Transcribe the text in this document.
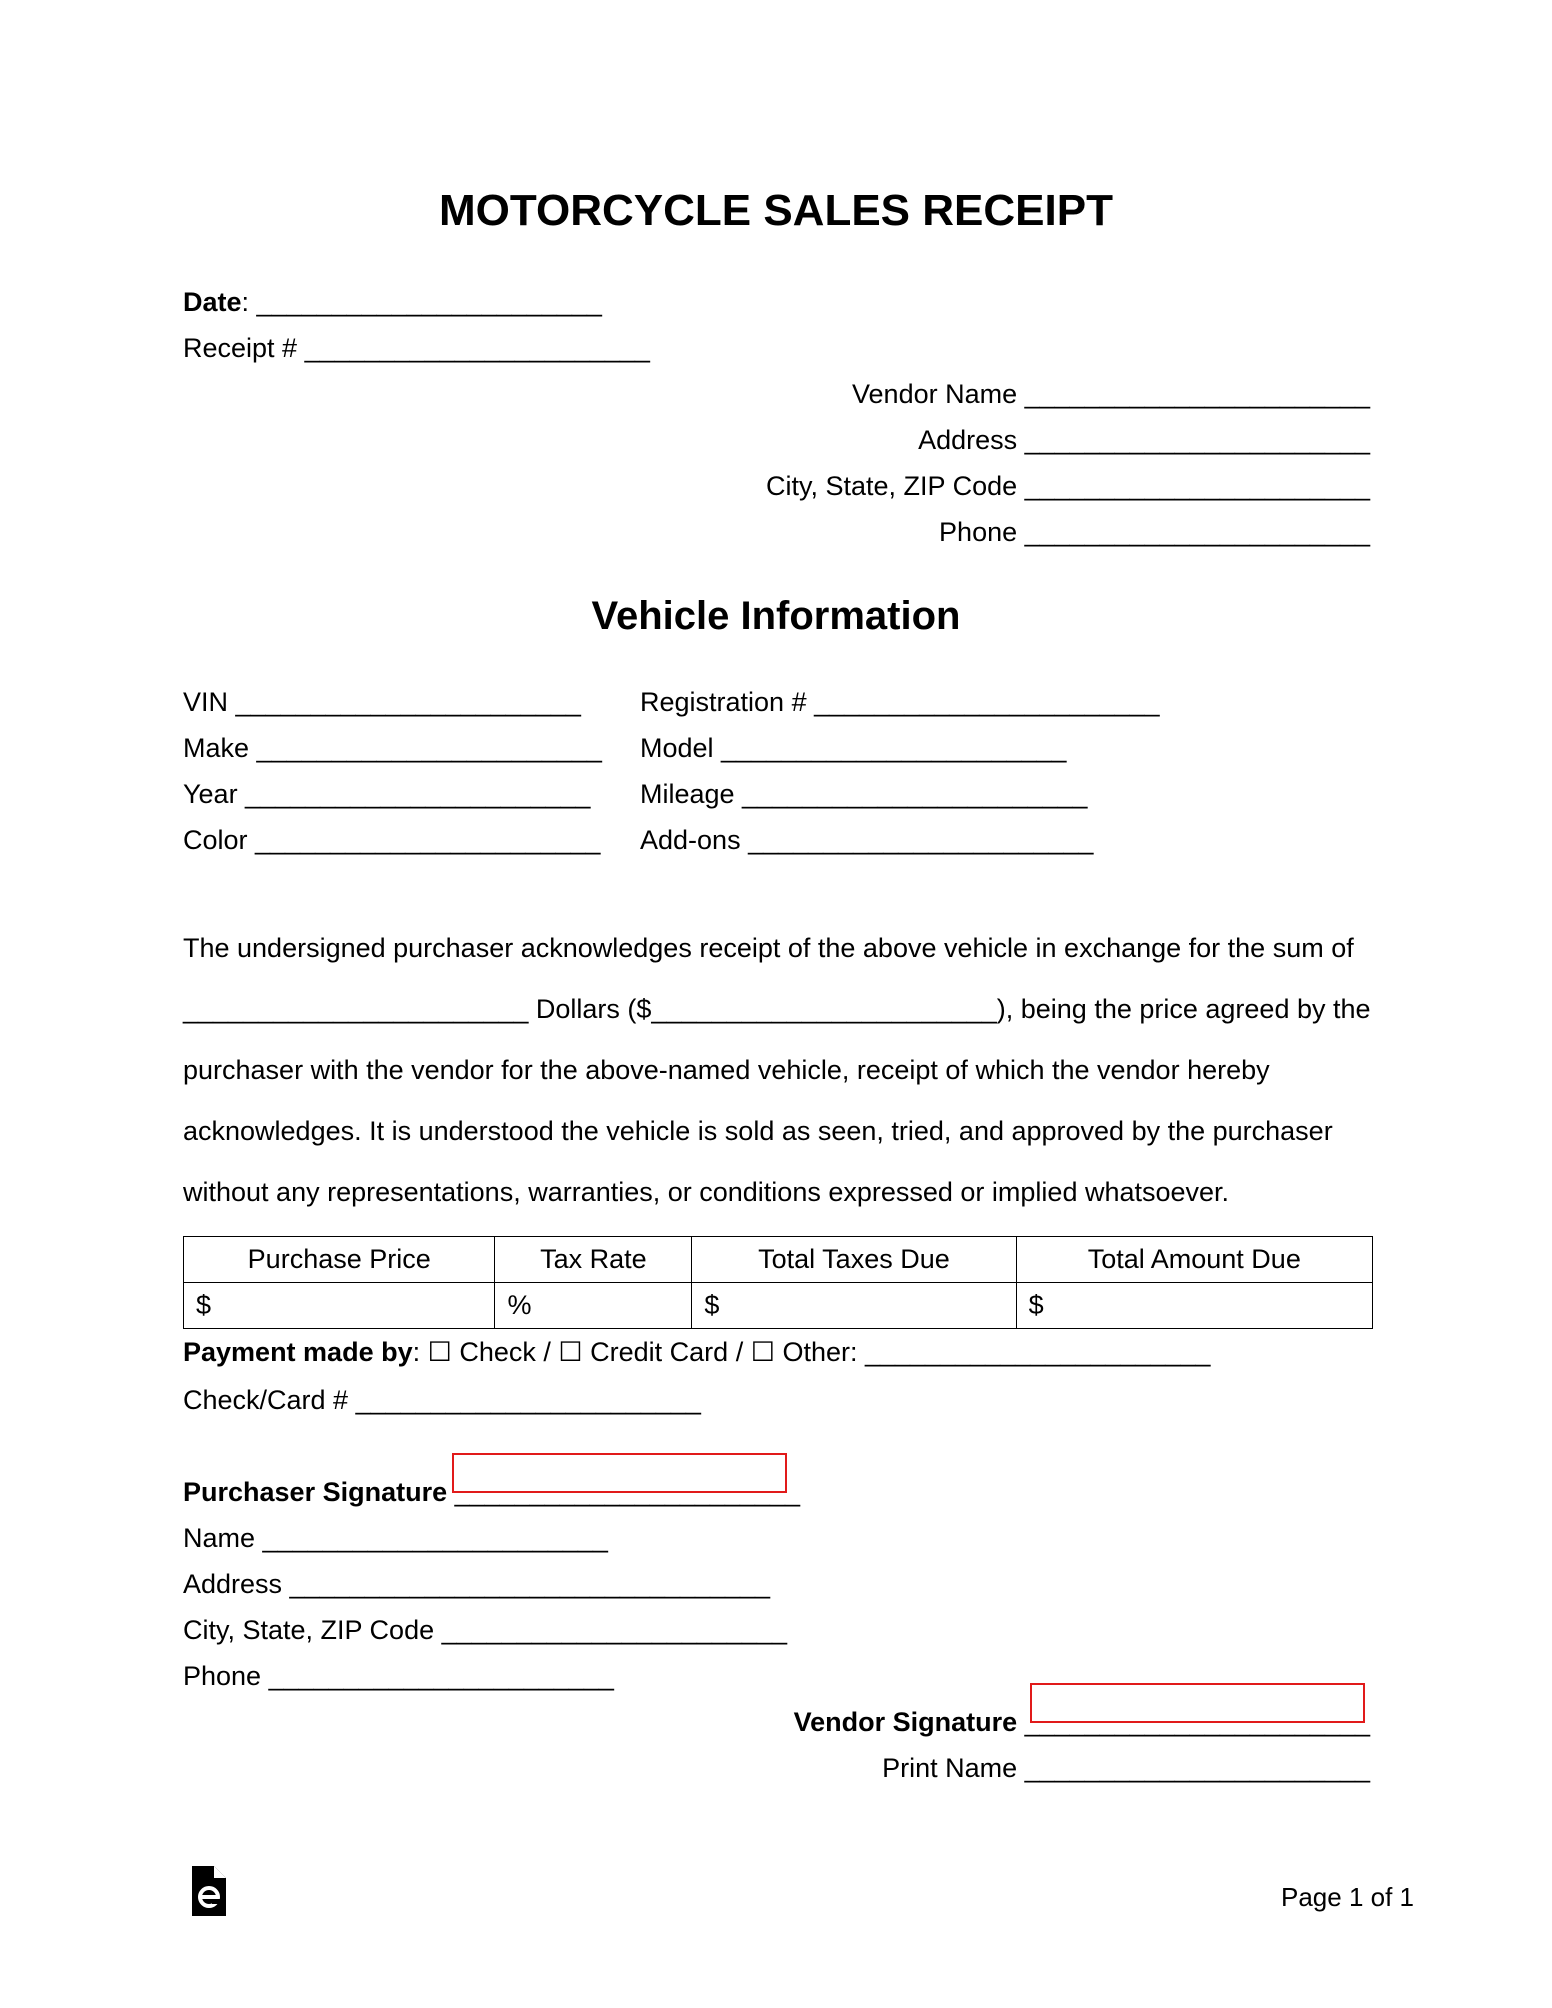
MOTORCYCLE SALES RECEIPT
Date: _______________________
Receipt # _______________________
Vendor Name _______________________
Address _______________________
City, State, ZIP Code _______________________
Phone _______________________
Vehicle Information
VIN _______________________
Make _______________________
Year _______________________
Color _______________________
Registration # _______________________
Model _______________________
Mileage _______________________
Add-ons _______________________

The undersigned purchaser acknowledges receipt of the above vehicle in exchange for the sum of

_______________________ Dollars ($_______________________), being the price agreed by the

purchaser with the vendor for the above-named vehicle, receipt of which the vendor hereby

acknowledges. It is understood the vehicle is sold as seen, tried, and approved by the purchaser

without any representations, warranties, or conditions expressed or implied whatsoever.

Purchase Price	Tax Rate	Total Taxes Due	Total Amount Due
$	%	$	$
Payment made by: ☐ Check / ☐ Credit Card / ☐ Other: _______________________
Check/Card # _______________________
Purchaser Signature _______________________
Name _______________________
Address ________________________________
City, State, ZIP Code _______________________
Phone _______________________
Vendor Signature _______________________
Print Name _______________________
Page 1 of 1
